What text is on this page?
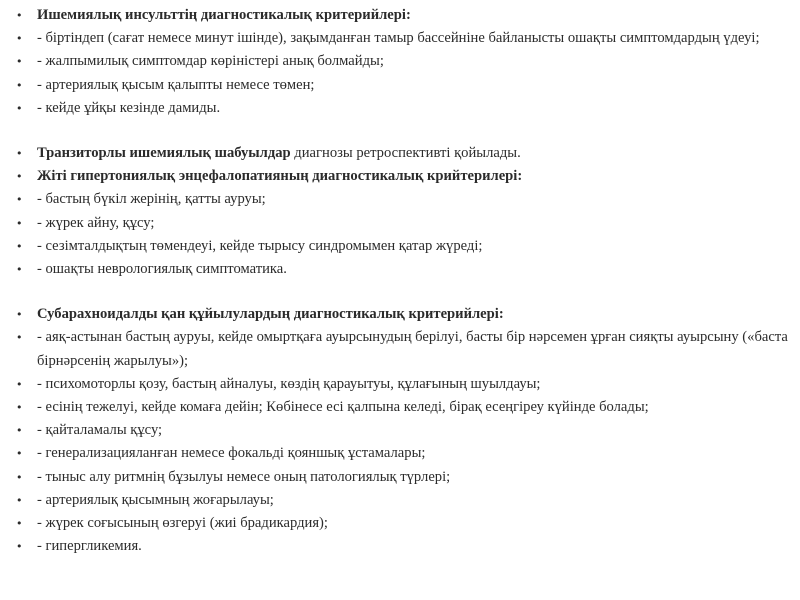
• Ишемиялық инсульттің диагностикалық критерийлері:
• - біртіндеп (сағат немесе минут ішінде), зақымданған тамыр бассейніне байланысты ошақты симптомдардың үдеуі;
• - жалпымилық симптомдар көріністері анық болмайды;
• - артериялық қысым қалыпты немесе төмен;
• - кейде ұйқы кезінде дамиды.
• Транзиторлы ишемиялық шабуылдар диагнозы ретроспективті қойылады.
• Жіті гипертониялық энцефалопатияның диагностикалық крийтерилері:
• - бастың бүкіл жерінің, қатты ауруы;
• - жүрек айну, құсу;
• - сезімталдықтың төмендеуі, кейде тырысу синдромымен қатар жүреді;
• - ошақты неврологиялық симптоматика.
• Субарахноидалды қан құйылулардың диагностикалық критерийлері:
• - аяқ-астынан бастың ауруы, кейде омыртқаға ауырсынудың берілуі, басты бір нәрсемен ұрған сияқты ауырсыну («баста бірнәрсенің жарылуы»);
• - психомоторлы қозу, бастың айналуы, көздің қарауытуы, құлағының шуылдауы;
• - есінің тежелуі, кейде комаға дейін; Көбінесе есі қалпына келеді, бірақ есеңгіреу күйінде болады;
• - қайталамалы құсу;
• - генерализацияланған немесе фокальді қояншық ұстамалары;
• - тыныс алу ритмнің бұзылуы немесе оның патологиялық түрлері;
• - артериялық қысымның жоғарылауы;
• - жүрек соғысының өзгеруі (жиі брадикардия);
• - гипергликемия.
